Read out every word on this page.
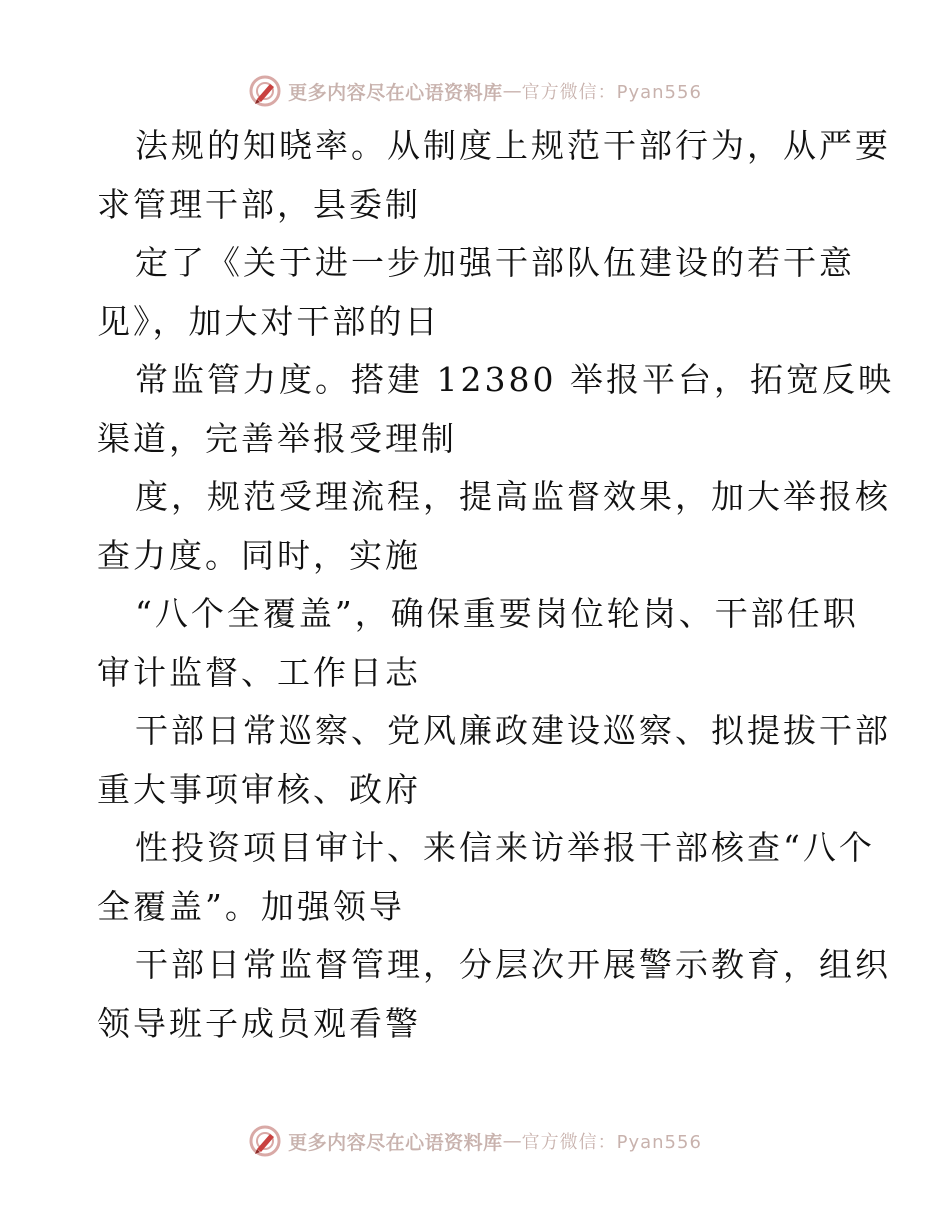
更多内容尽在心语资料库 — 官方微信：Pyan556
法规的知晓率。从制度上规范干部行为，从严要
求管理干部，县委制
定了《关于进一步加强干部队伍建设的若干意
见》，加大对干部的日
常监管力度。搭建 12380 举报平台，拓宽反映
渠道，完善举报受理制
度，规范受理流程，提高监督效果，加大举报核
查力度。同时，实施
“八个全覆盖”，确保重要岗位轮岗、干部任职
审计监督、工作日志
干部日常巡察、党风廉政建设巡察、拟提拔干部
重大事项审核、政府
性投资项目审计、来信来访举报干部核查“八个
全覆盖”。加强领导
干部日常监督管理，分层次开展警示教育，组织
领导班子成员观看警
更多内容尽在心语资料库 — 官方微信：Pyan556
